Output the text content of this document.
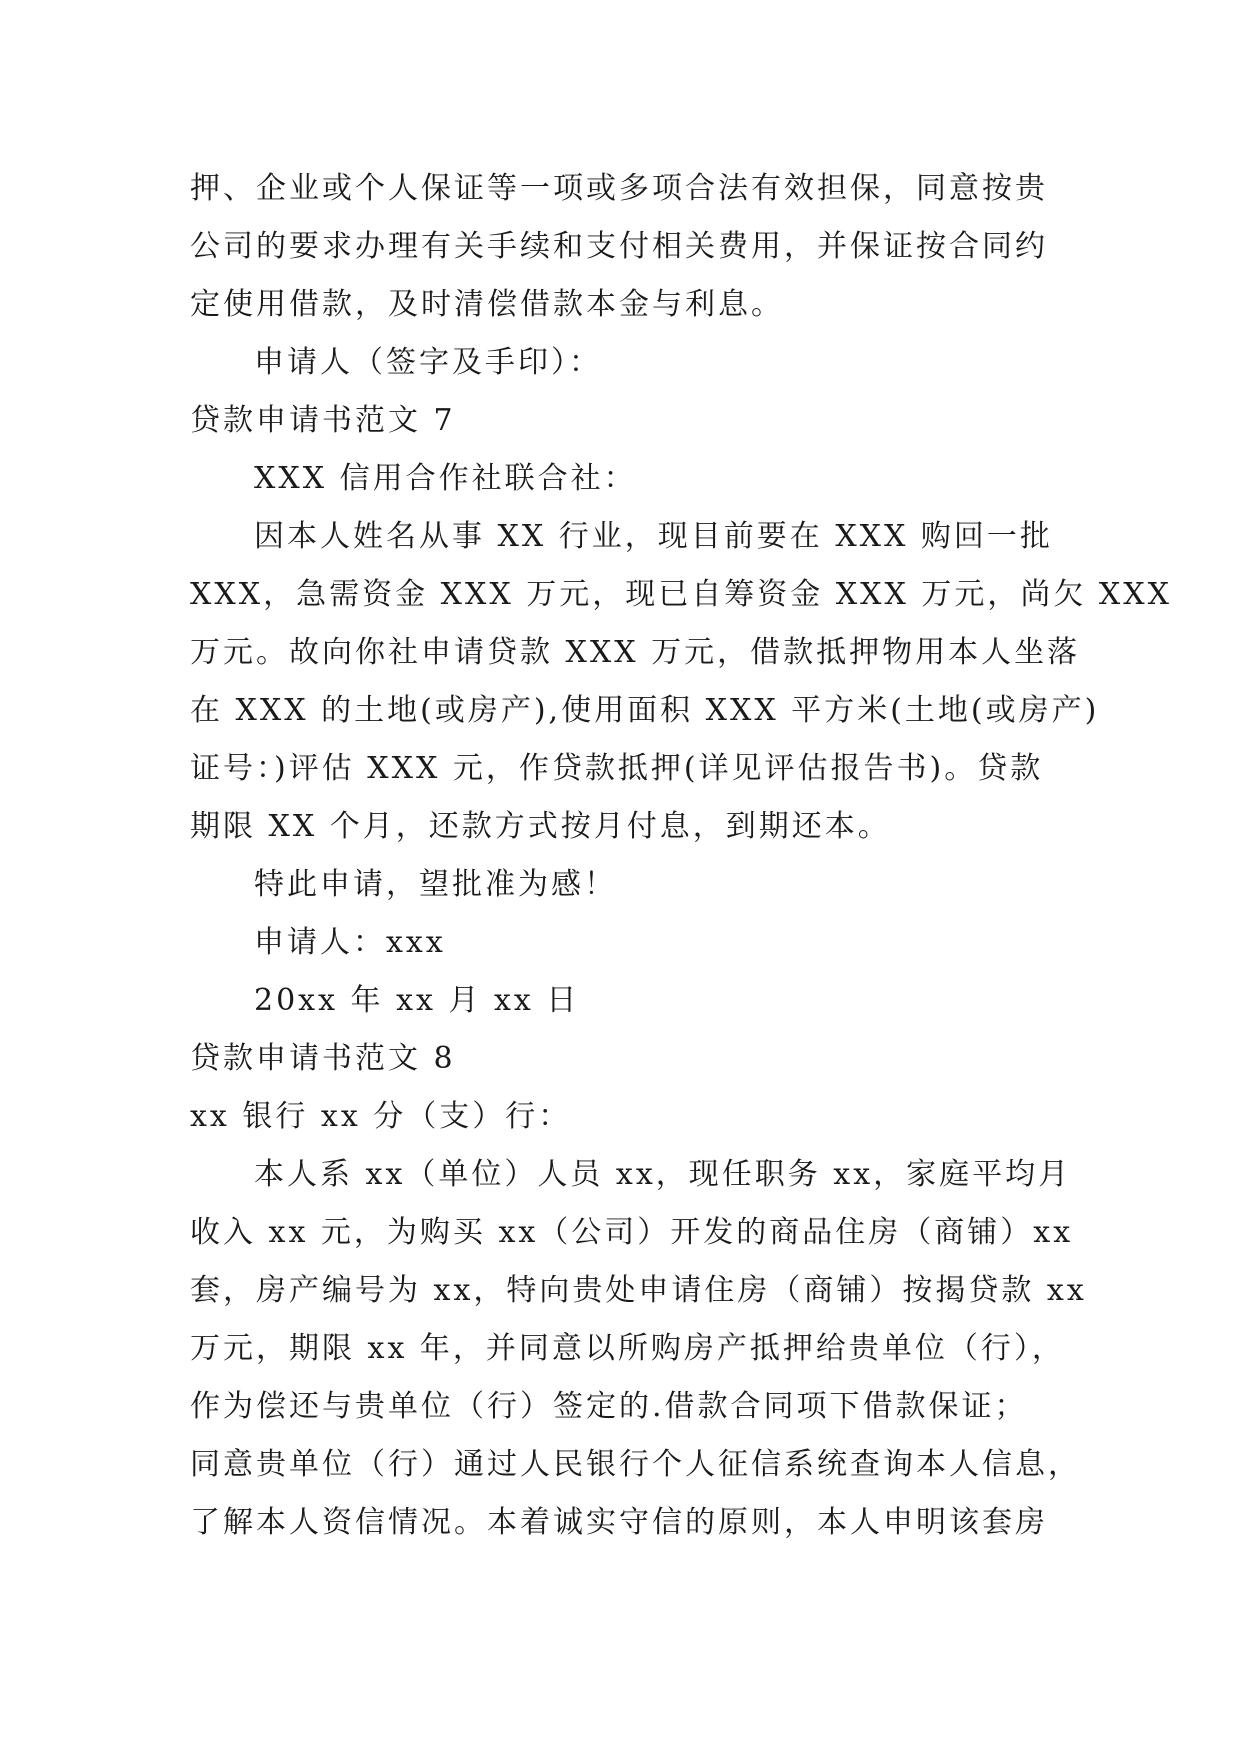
押、企业或个人保证等一项或多项合法有效担保，同意按贵
公司的要求办理有关手续和支付相关费用，并保证按合同约
定使用借款，及时清偿借款本金与利息。
申请人（签字及手印）：
贷款申请书范文 7
XXX 信用合作社联合社：
因本人姓名从事 XX 行业，现目前要在 XXX 购回一批
XXX，急需资金 XXX 万元，现已自筹资金 XXX 万元，尚欠 XXX
万元。故向你社申请贷款 XXX 万元，借款抵押物用本人坐落
在 XXX 的土地(或房产),使用面积 XXX 平方米(土地(或房产)
证号：)评估 XXX 元，作贷款抵押(详见评估报告书)。贷款
期限 XX 个月，还款方式按月付息，到期还本。
特此申请，望批准为感！
申请人：xxx
20xx 年 xx 月 xx 日
贷款申请书范文 8
xx 银行 xx 分（支）行：
本人系 xx（单位）人员 xx，现任职务 xx，家庭平均月
收入 xx 元，为购买 xx（公司）开发的商品住房（商铺）xx
套，房产编号为 xx，特向贵处申请住房（商铺）按揭贷款 xx
万元，期限 xx 年，并同意以所购房产抵押给贵单位（行），
作为偿还与贵单位（行）签定的.借款合同项下借款保证；
同意贵单位（行）通过人民银行个人征信系统查询本人信息，
了解本人资信情况。本着诚实守信的原则，本人申明该套房
